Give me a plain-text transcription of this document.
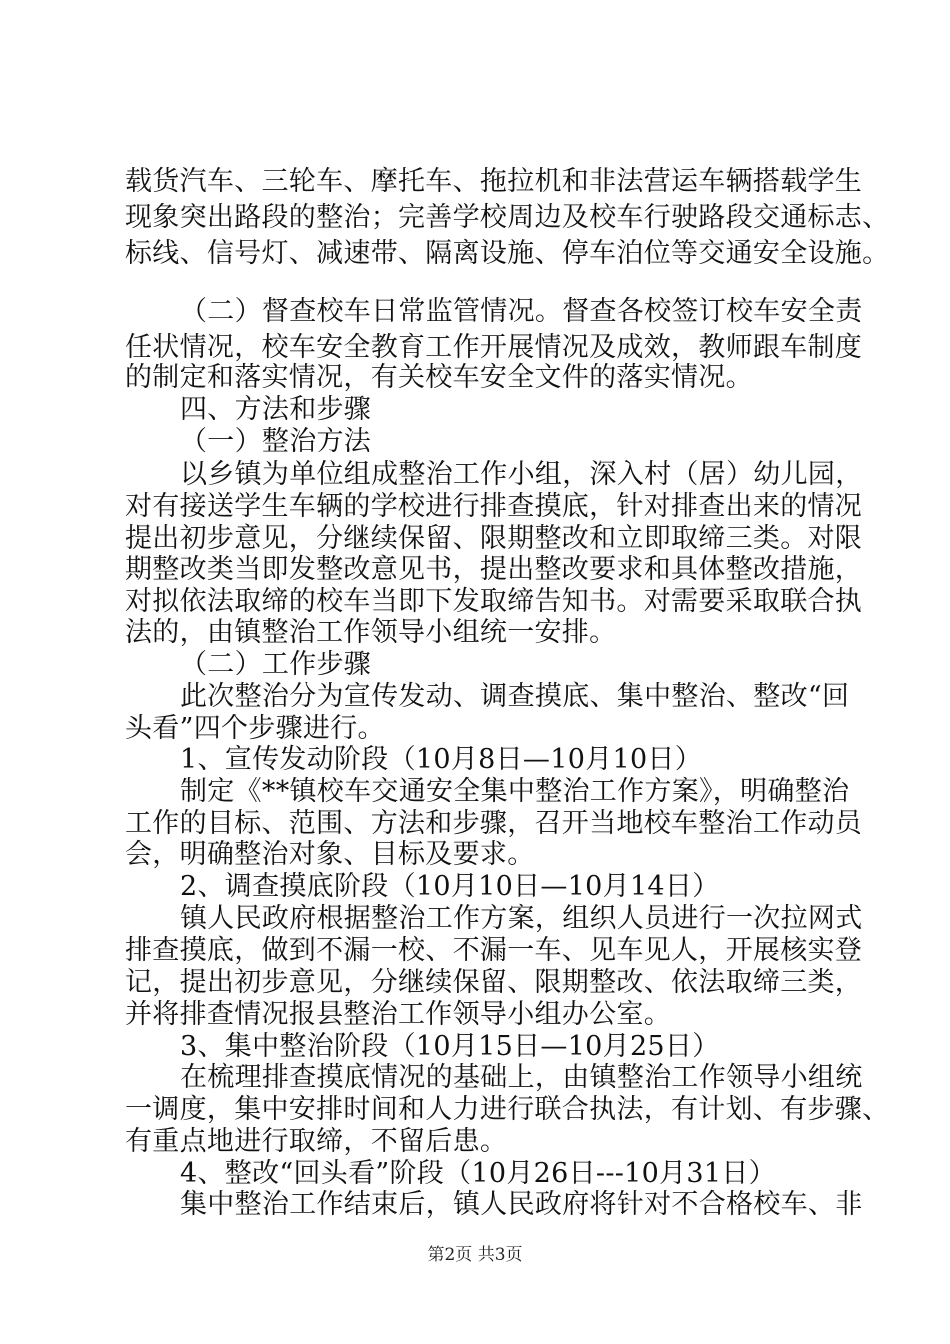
载货汽车、三轮车、摩托车、拖拉机和非法营运车辆搭载学生
现象突出路段的整治；完善学校周边及校车行驶路段交通标志、
标线、信号灯、减速带、隔离设施、停车泊位等交通安全设施。
（二）督查校车日常监管情况。督查各校签订校车安全责
任状情况，校车安全教育工作开展情况及成效，教师跟车制度
的制定和落实情况，有关校车安全文件的落实情况。
四、方法和步骤
（一）整治方法
以乡镇为单位组成整治工作小组，深入村（居）幼儿园，
对有接送学生车辆的学校进行排查摸底，针对排查出来的情况
提出初步意见，分继续保留、限期整改和立即取缔三类。对限
期整改类当即发整改意见书，提出整改要求和具体整改措施，
对拟依法取缔的校车当即下发取缔告知书。对需要采取联合执
法的，由镇整治工作领导小组统一安排。
（二）工作步骤
此次整治分为宣传发动、调查摸底、集中整治、整改“回
头看”四个步骤进行。
1、宣传发动阶段（10月8日—10月10日）
制定《**镇校车交通安全集中整治工作方案》，明确整治
工作的目标、范围、方法和步骤，召开当地校车整治工作动员
会，明确整治对象、目标及要求。
2、调查摸底阶段（10月10日—10月14日）
镇人民政府根据整治工作方案，组织人员进行一次拉网式
排查摸底，做到不漏一校、不漏一车、见车见人，开展核实登
记，提出初步意见，分继续保留、限期整改、依法取缔三类，
并将排查情况报县整治工作领导小组办公室。
3、集中整治阶段（10月15日—10月25日）
在梳理排查摸底情况的基础上，由镇整治工作领导小组统
一调度，集中安排时间和人力进行联合执法，有计划、有步骤、
有重点地进行取缔，不留后患。
4、整改“回头看”阶段（10月26日---10月31日）
集中整治工作结束后，镇人民政府将针对不合格校车、非
第2页 共3页
